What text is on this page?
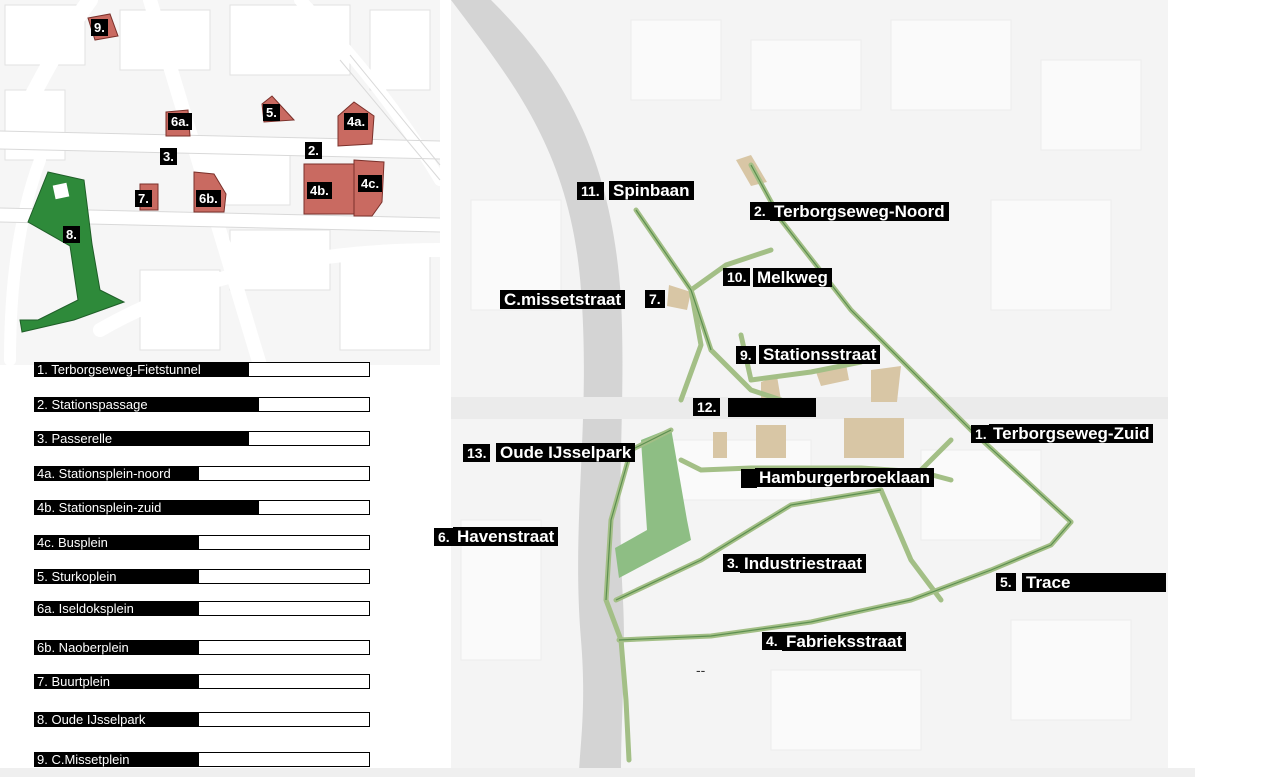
9.
6a.
5.
4a.
3.	2.
7.	6b.
4b. 4c.
8.
1. Terborgseweg-Fietstunnel
2. Stationspassage
3. Passerelle
4a. Stationsplein-noord
4b. Stationsplein-zuid
4c. Busplein
5. Sturkoplein
6a. Iseldoksplein
6b. Naoberplein
7. Buurtplein
8. Oude IJsselpark
9. C.Missetplein
11. Spinbaan
2. Terborgseweg-Noord
10. Melkweg
7.
C.missetstraat
9. Stationsstraat
12.
1. Terborgseweg-Zuid
13. Oude IJsselpark
Hamburgerbroeklaan
6. Havenstraat
3. Industriestraat
5. Trace
4. Fabrieksstraat
--
